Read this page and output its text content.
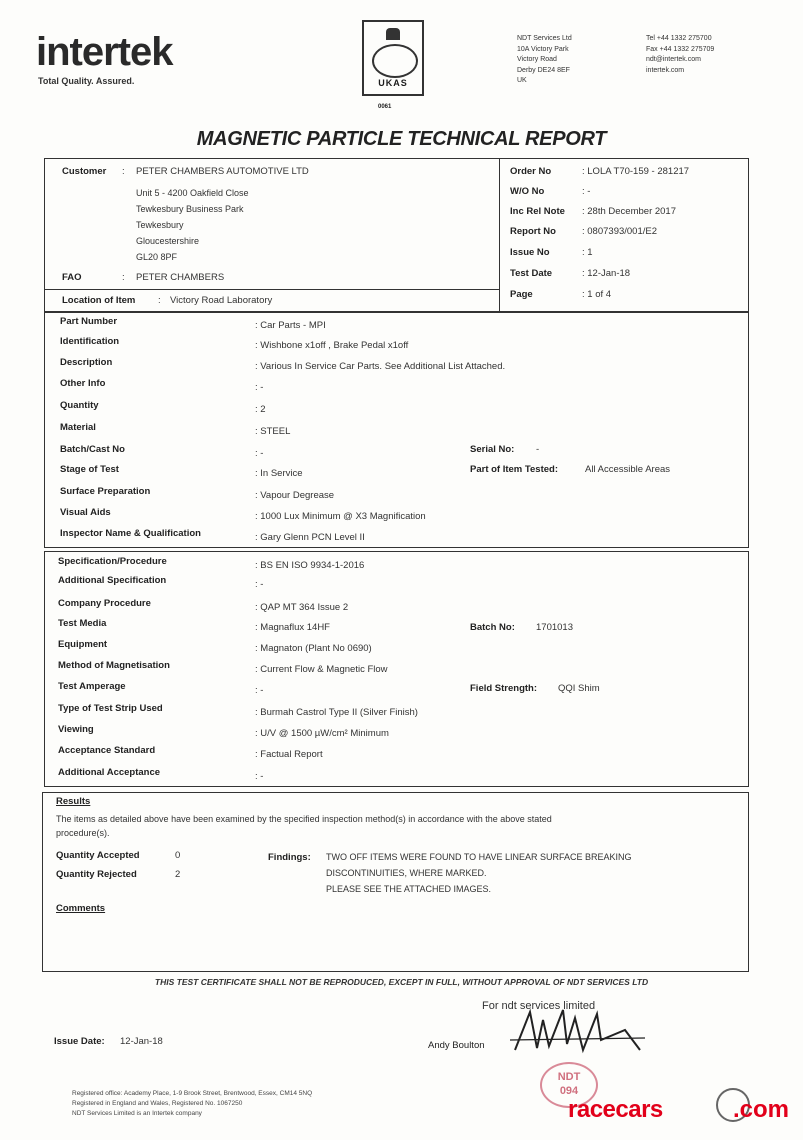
intertek
Total Quality. Assured.	UKAS
0061
NDT Services Ltd
10A Victory Park
Victory Road
Derby DE24 8EF
UK
Tel +44 1332 275700
Fax +44 1332 275709
ndt@intertek.com
intertek.com
MAGNETIC PARTICLE TECHNICAL REPORT
Customer : PETER CHAMBERS AUTOMOTIVE LTD
Unit 5 - 4200 Oakfield Close
Tewkesbury Business Park
Tewkesbury
Gloucestershire
GL20 8PF
FAO	: PETER CHAMBERS
Location of Item : Victory Road Laboratory
Order No	: LOLA T70-159 - 281217
W/O No	: -
Inc Rel Note : 28th December 2017
Report No	: 0807393/001/E2
Issue No	: 1
Test Date	: 12-Jan-18
Page	: 1 of 4
Part Number	: Car Parts - MPI
Identification	: Wishbone x1off , Brake Pedal x1off
Description	: Various In Service Car Parts. See Additional List Attached.
Other Info	: -
Quantity	: 2
Material	: STEEL
Batch/Cast No	: -	Serial No: -
Stage of Test	: In Service	Part of Item Tested:	All Accessible Areas
Surface Preparation	: Vapour Degrease
Visual Aids	: 1000 Lux Minimum @ X3 Magnification
Inspector Name & Qualification	: Gary Glenn PCN Level II
Specification/Procedure	: BS EN ISO 9934-1-2016
Additional Specification	: -
Company Procedure	: QAP MT 364 Issue 2
Test Media	: Magnaflux 14HF	Batch No: 1701013
Equipment	: Magnaton (Plant No 0690)
Method of Magnetisation	: Current Flow & Magnetic Flow
Test Amperage	: -	Field Strength: QQI Shim
Type of Test Strip Used	: Burmah Castrol Type II (Silver Finish)
Viewing	: U/V @ 1500 µW/cm² Minimum
Acceptance Standard	: Factual Report
Additional Acceptance	: -
Results
The items as detailed above have been examined by the specified inspection method(s) in accordance with the above stated
procedure(s).
Quantity Accepted	0
Quantity Rejected	2
Findings: TWO OFF ITEMS WERE FOUND TO HAVE LINEAR SURFACE BREAKING
DISCONTINUITIES, WHERE MARKED.
PLEASE SEE THE ATTACHED IMAGES.
Comments
THIS TEST CERTIFICATE SHALL NOT BE REPRODUCED, EXCEPT IN FULL, WITHOUT APPROVAL OF NDT SERVICES LTD
For ndt services limited
Issue Date: 12-Jan-18	Andy Boulton
Registered office: Academy Place, 1-9 Brook Street, Brentwood, Essex, CM14 5NQ
Registered in England and Wales, Registered No. 1067250
NDT Services Limited is an Intertek company
NDT
094
racecars	.com
